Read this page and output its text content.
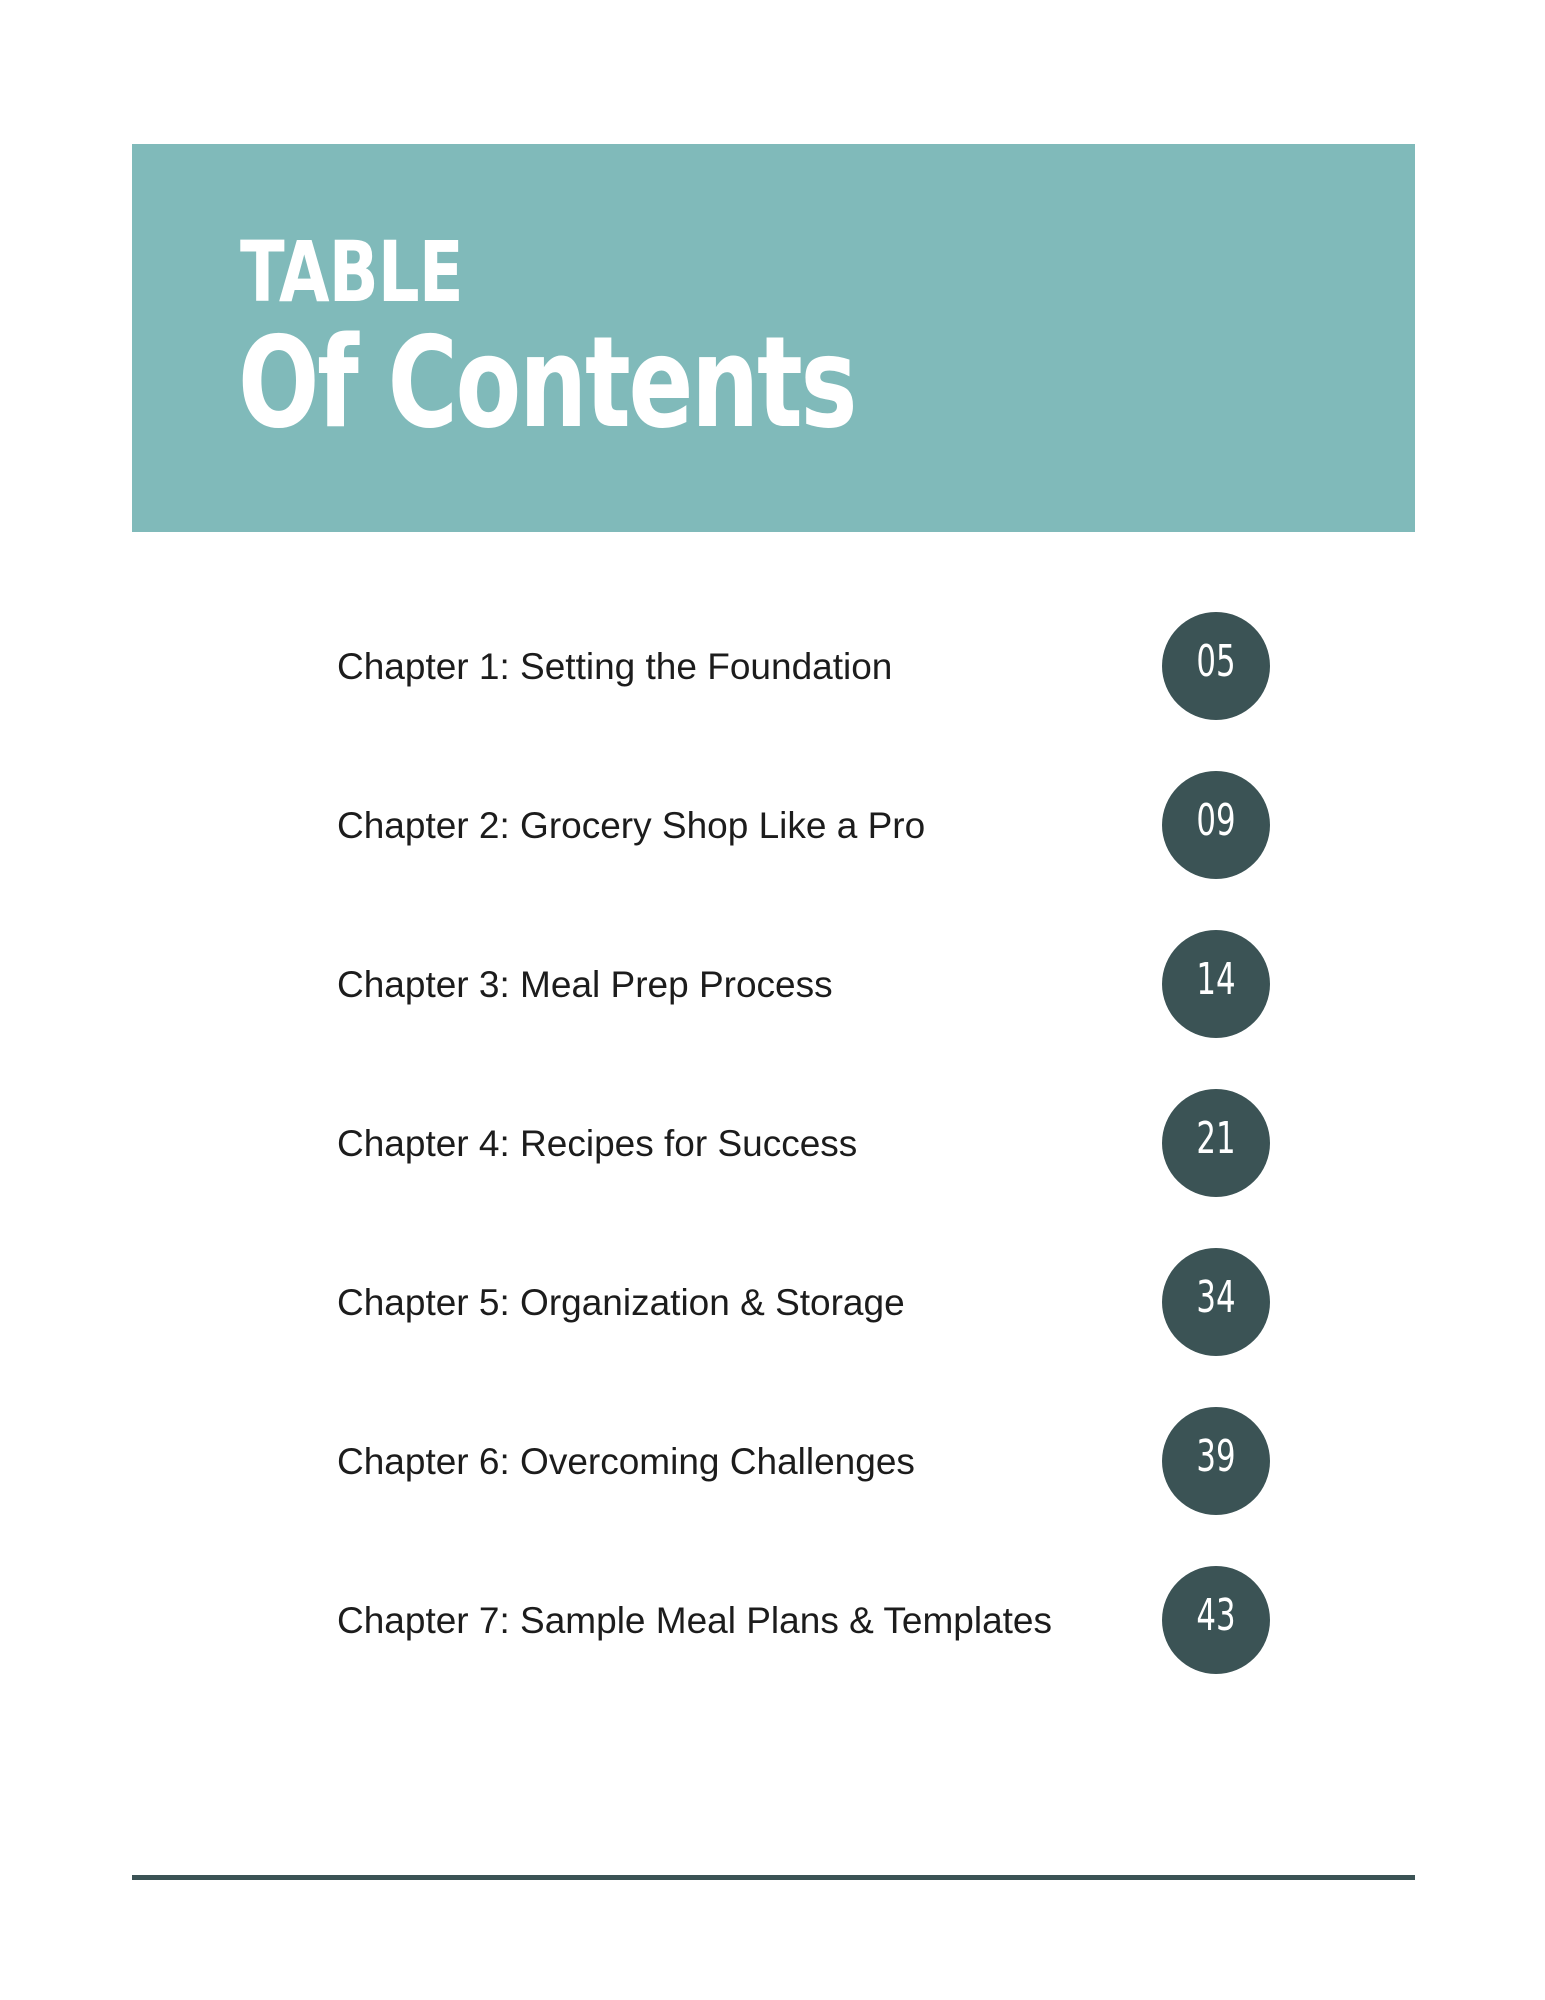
TABLE
Of Contents
Chapter 1: Setting the Foundation	05
Chapter 2: Grocery Shop Like a Pro	09
Chapter 3: Meal Prep Process	14
Chapter 4: Recipes for Success	21
Chapter 5: Organization & Storage	34
Chapter 6: Overcoming Challenges	39
Chapter 7: Sample Meal Plans & Templates	43
